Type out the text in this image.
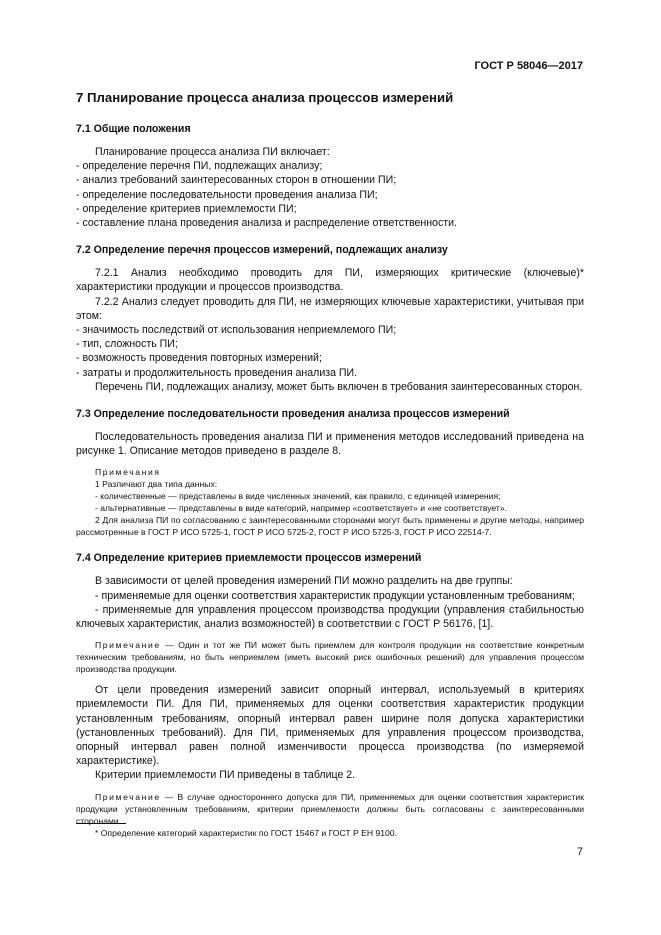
ГОСТ Р 58046—2017
7 Планирование процесса анализа процессов измерений
7.1 Общие положения
Планирование процесса анализа ПИ включает:
- определение перечня ПИ, подлежащих анализу;
- анализ требований заинтересованных сторон в отношении ПИ;
- определение последовательности проведения анализа ПИ;
- определение критериев приемлемости ПИ;
- составление плана проведения анализа и распределение ответственности.
7.2 Определение перечня процессов измерений, подлежащих анализу
7.2.1 Анализ необходимо проводить для ПИ, измеряющих критические (ключевые)* характеристики продукции и процессов производства.
7.2.2 Анализ следует проводить для ПИ, не измеряющих ключевые характеристики, учитывая при этом:
- значимость последствий от использования неприемлемого ПИ;
- тип, сложность ПИ;
- возможность проведения повторных измерений;
- затраты и продолжительность проведения анализа ПИ.
Перечень ПИ, подлежащих анализу, может быть включен в требования заинтересованных сторон.
7.3 Определение последовательности проведения анализа процессов измерений
Последовательность проведения анализа ПИ и применения методов исследований приведена на рисунке 1. Описание методов приведено в разделе 8.
Примечания
1 Различают два типа данных:
- количественные — представлены в виде численных значений, как правило, с единицей измерения;
- альтернативные — представлены в виде категорий, например «соответствует» и «не соответствует».
2 Для анализа ПИ по согласованию с заинтересованными сторонами могут быть применены и другие методы, например рассмотренные в ГОСТ Р ИСО 5725-1, ГОСТ Р ИСО 5725-2, ГОСТ Р ИСО 5725-3, ГОСТ Р ИСО 22514-7.
7.4 Определение критериев приемлемости процессов измерений
В зависимости от целей проведения измерений ПИ можно разделить на две группы:
- применяемые для оценки соответствия характеристик продукции установленным требованиям;
- применяемые для управления процессом производства продукции (управления стабильностью ключевых характеристик, анализ возможностей) в соответствии с ГОСТ Р 56176, [1].
Примечание — Один и тот же ПИ может быть приемлем для контроля продукции на соответствие конкретным техническим требованиям, но быть неприемлем (иметь высокий риск ошибочных решений) для управления процессом производства продукции.
От цели проведения измерений зависит опорный интервал, используемый в критериях приемлемости ПИ. Для ПИ, применяемых для оценки соответствия характеристик продукции установленным требованиям, опорный интервал равен ширине поля допуска характеристики (установленных требований). Для ПИ, применяемых для управления процессом производства, опорный интервал равен полной изменчивости процесса производства (по измеряемой характеристике).
Критерии приемлемости ПИ приведены в таблице 2.
Примечание — В случае одностороннего допуска для ПИ, применяемых для оценки соответствия характеристик продукции установленным требованиям, критерии приемлемости должны быть согласованы с заинтересованными сторонами.
* Определение категорий характеристик по ГОСТ 15467 и ГОСТ Р ЕН 9100.
7
